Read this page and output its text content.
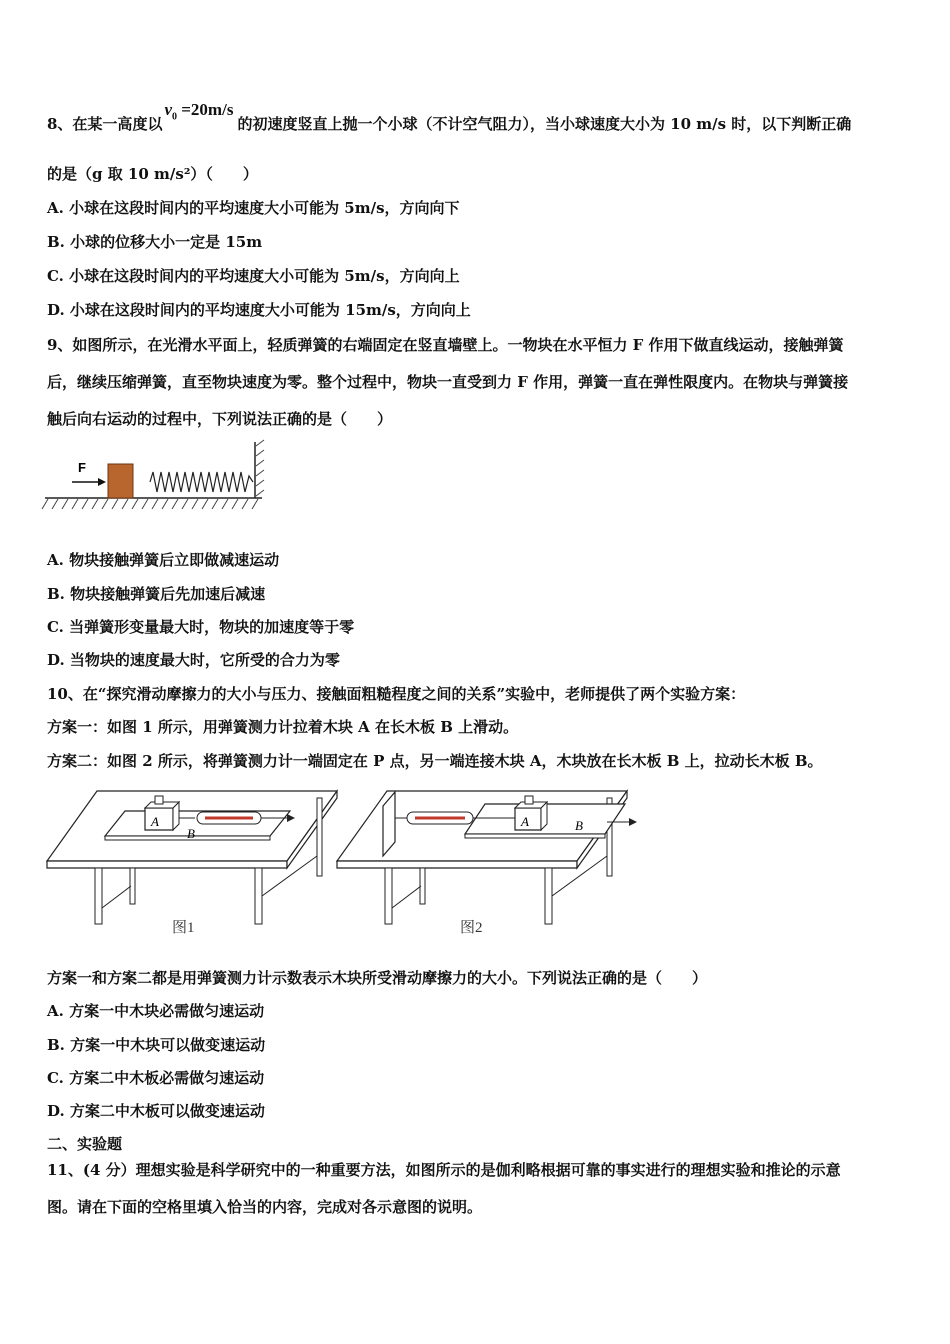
8、在某一高度以$v_0 =20m/s$的初速度竖直上抛一个小球（不计空气阻力），当小球速度大小为 10 m/s 时，以下判断正确
的是（g 取 10 m/s²）（　　）
A. 小球在这段时间内的平均速度大小可能为 5m/s，方向向下
B. 小球的位移大小一定是 15m
C. 小球在这段时间内的平均速度大小可能为 5m/s，方向向上
D. 小球在这段时间内的平均速度大小可能为 15m/s，方向向上
9、如图所示，在光滑水平面上，轻质弹簧的右端固定在竖直墙壁上。一物块在水平恒力 F 作用下做直线运动，接触弹簧
后，继续压缩弹簧，直至物块速度为零。整个过程中，物块一直受到力 F 作用，弹簧一直在弹性限度内。在物块与弹簧接
触后向右运动的过程中，下列说法正确的是（　　）
F
A. 物块接触弹簧后立即做减速运动
B. 物块接触弹簧后先加速后减速
C. 当弹簧形变量最大时，物块的加速度等于零
D. 当物块的速度最大时，它所受的合力为零
10、在“探究滑动摩擦力的大小与压力、接触面粗糙程度之间的关系”实验中，老师提供了两个实验方案：
方案一：如图 1 所示，用弹簧测力计拉着木块 A 在长木板 B 上滑动。
方案二：如图 2 所示，将弹簧测力计一端固定在 P 点，另一端连接木块 A，木块放在长木板 B 上，拉动长木板 B。
A
B
图1
B
A
图2
方案一和方案二都是用弹簧测力计示数表示木块所受滑动摩擦力的大小。下列说法正确的是（　　）
A. 方案一中木块必需做匀速运动
B. 方案一中木块可以做变速运动
C. 方案二中木板必需做匀速运动
D. 方案二中木板可以做变速运动
二、实验题
11、(4 分）理想实验是科学研究中的一种重要方法，如图所示的是伽利略根据可靠的事实进行的理想实验和推论的示意
图。请在下面的空格里填入恰当的内容，完成对各示意图的说明。
